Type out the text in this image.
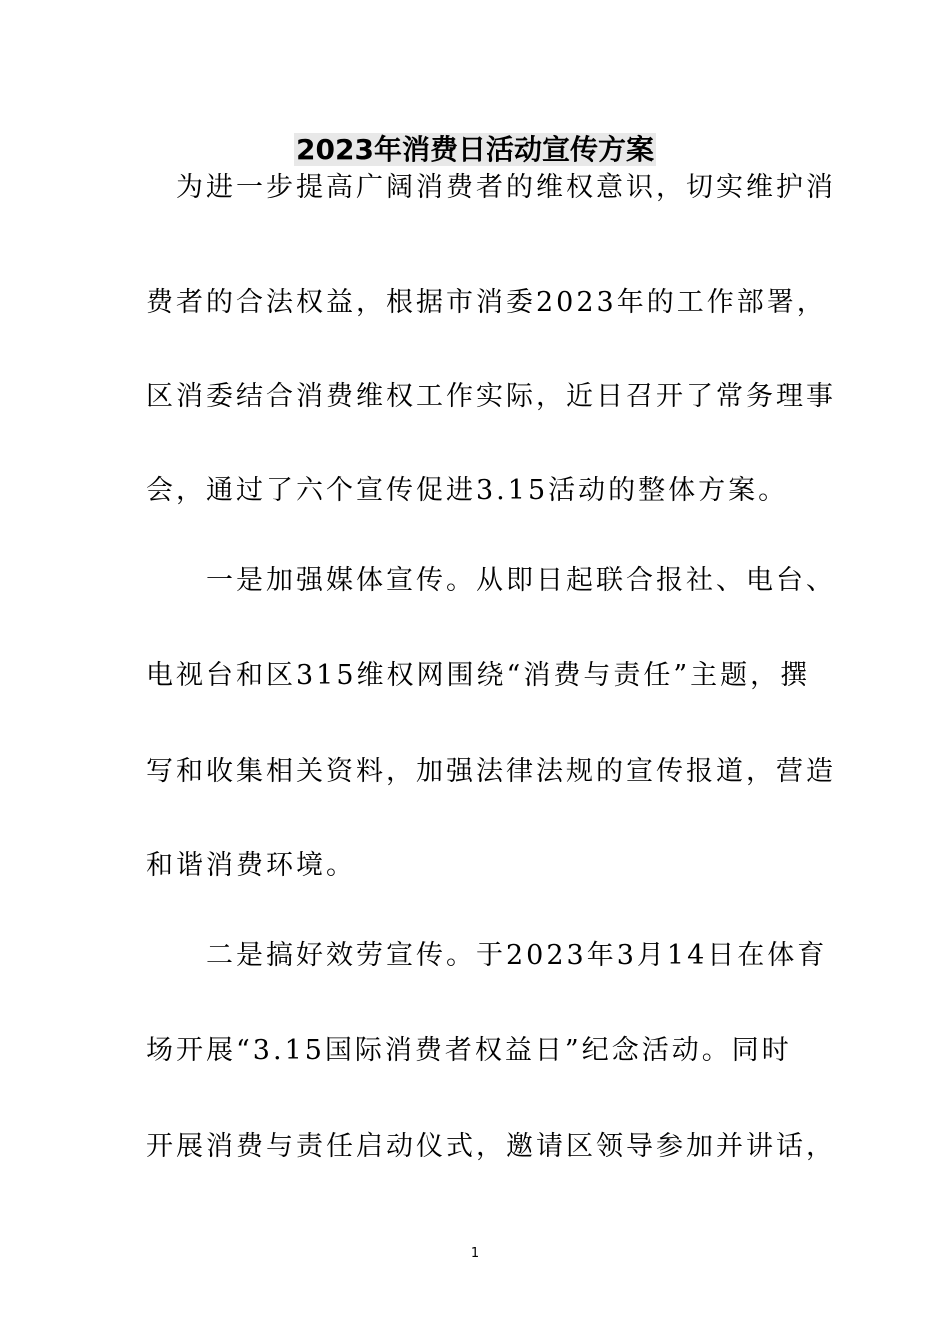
2023年消费日活动宣传方案
　为进一步提高广阔消费者的维权意识，切实维护消
费者的合法权益，根据市消委2023年的工作部署，
区消委结合消费维权工作实际，近日召开了常务理事
会，通过了六个宣传促进3.15活动的整体方案。
　　一是加强媒体宣传。从即日起联合报社、电台、
电视台和区315维权网围绕“消费与责任”主题，撰
写和收集相关资料，加强法律法规的宣传报道，营造
和谐消费环境。
　　二是搞好效劳宣传。于2023年3月14日在体育
场开展“3.15国际消费者权益日”纪念活动。同时
开展消费与责任启动仪式，邀请区领导参加并讲话，
1
